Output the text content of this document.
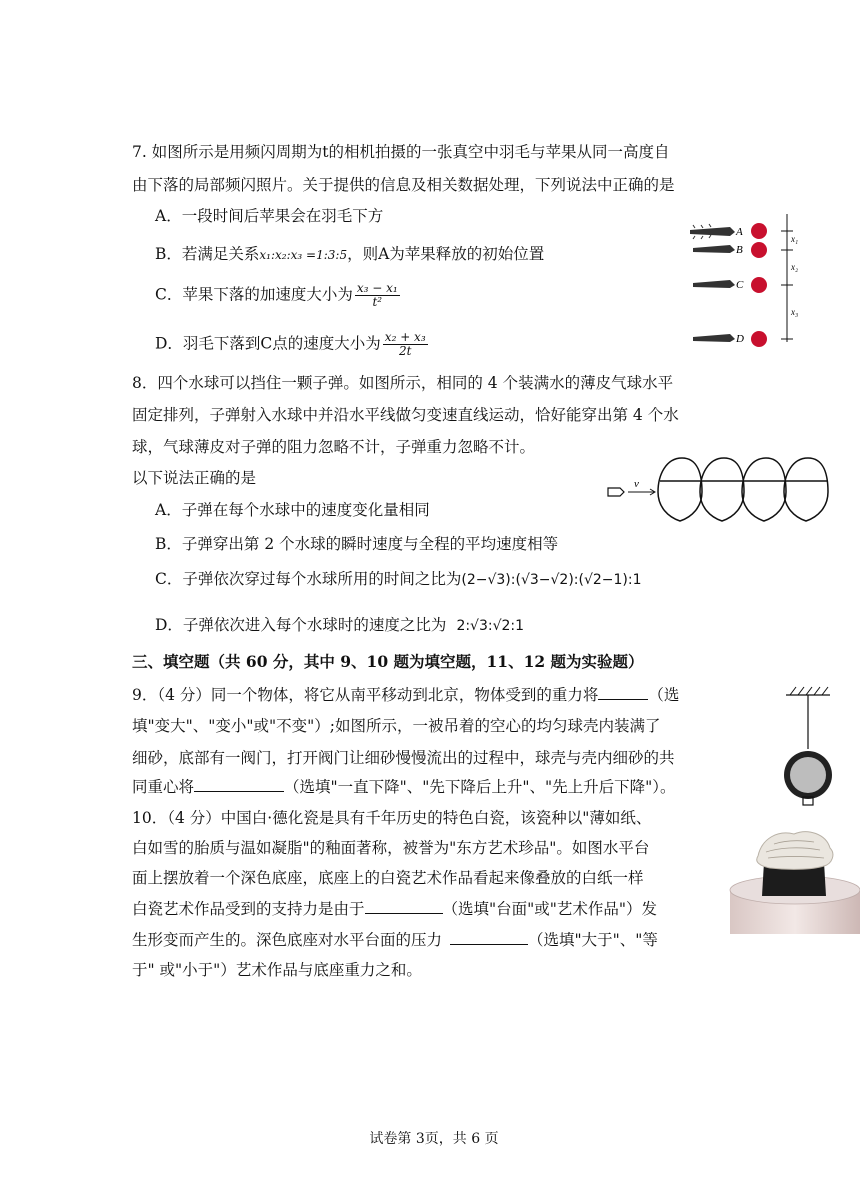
7. 如图所示是用频闪周期为t的相机拍摄的一张真空中羽毛与苹果从同一高度自
由下落的局部频闪照片。关于提供的信息及相关数据处理，下列说法中正确的是
A．一段时间后苹果会在羽毛下方
B．若满足关系x₁:x₂:x₃ =1:3:5，则A为苹果释放的初始位置
C．苹果下落的加速度大小为 $\frac{\text{x₃ − x₁}}{\text{t²}}$
D．羽毛下落到C点的速度大小为 $\frac{\text{x₂ + x₃}}{2t}$
A
B
C
D
x₁
x₂
x₃
8．四个水球可以挡住一颗子弹。如图所示，相同的 4 个装满水的薄皮气球水平
固定排列，子弹射入水球中并沿水平线做匀变速直线运动，恰好能穿出第 4 个水
球，气球薄皮对子弹的阻力忽略不计，子弹重力忽略不计。
以下说法正确的是
A．子弹在每个水球中的速度变化量相同
B．子弹穿出第 2 个水球的瞬时速度与全程的平均速度相等
C．子弹依次穿过每个水球所用的时间之比为(2−√3):(√3−√2):(√2−1):1
D．子弹依次进入每个水球时的速度之比为 2:√3:√2:1
v
三、填空题（共 60 分，其中 9、10 题为填空题，11、12 题为实验题）
9．（4 分）同一个物体，将它从南平移动到北京，物体受到的重力将	（选
填"变大"、"变小"或"不变"）;如图所示，一被吊着的空心的均匀球壳内装满了
细砂，底部有一阀门，打开阀门让细砂慢慢流出的过程中，球壳与壳内细砂的共
同重心将	（选填"一直下降"、"先下降后上升"、"先上升后下降"）。
10．（4 分）中国白·德化瓷是具有千年历史的特色白瓷，该瓷种以"薄如纸、
白如雪的胎质与温如凝脂"的釉面著称，被誉为"东方艺术珍品"。如图水平台
面上摆放着一个深色底座，底座上的白瓷艺术作品看起来像叠放的白纸一样
白瓷艺术作品受到的支持力是由于	（选填"台面"或"艺术作品"）发
生形变而产生的。深色底座对水平台面的压力	（选填"大于"、"等
于" 或"小于"）艺术作品与底座重力之和。
试卷第 3页，共 6 页
